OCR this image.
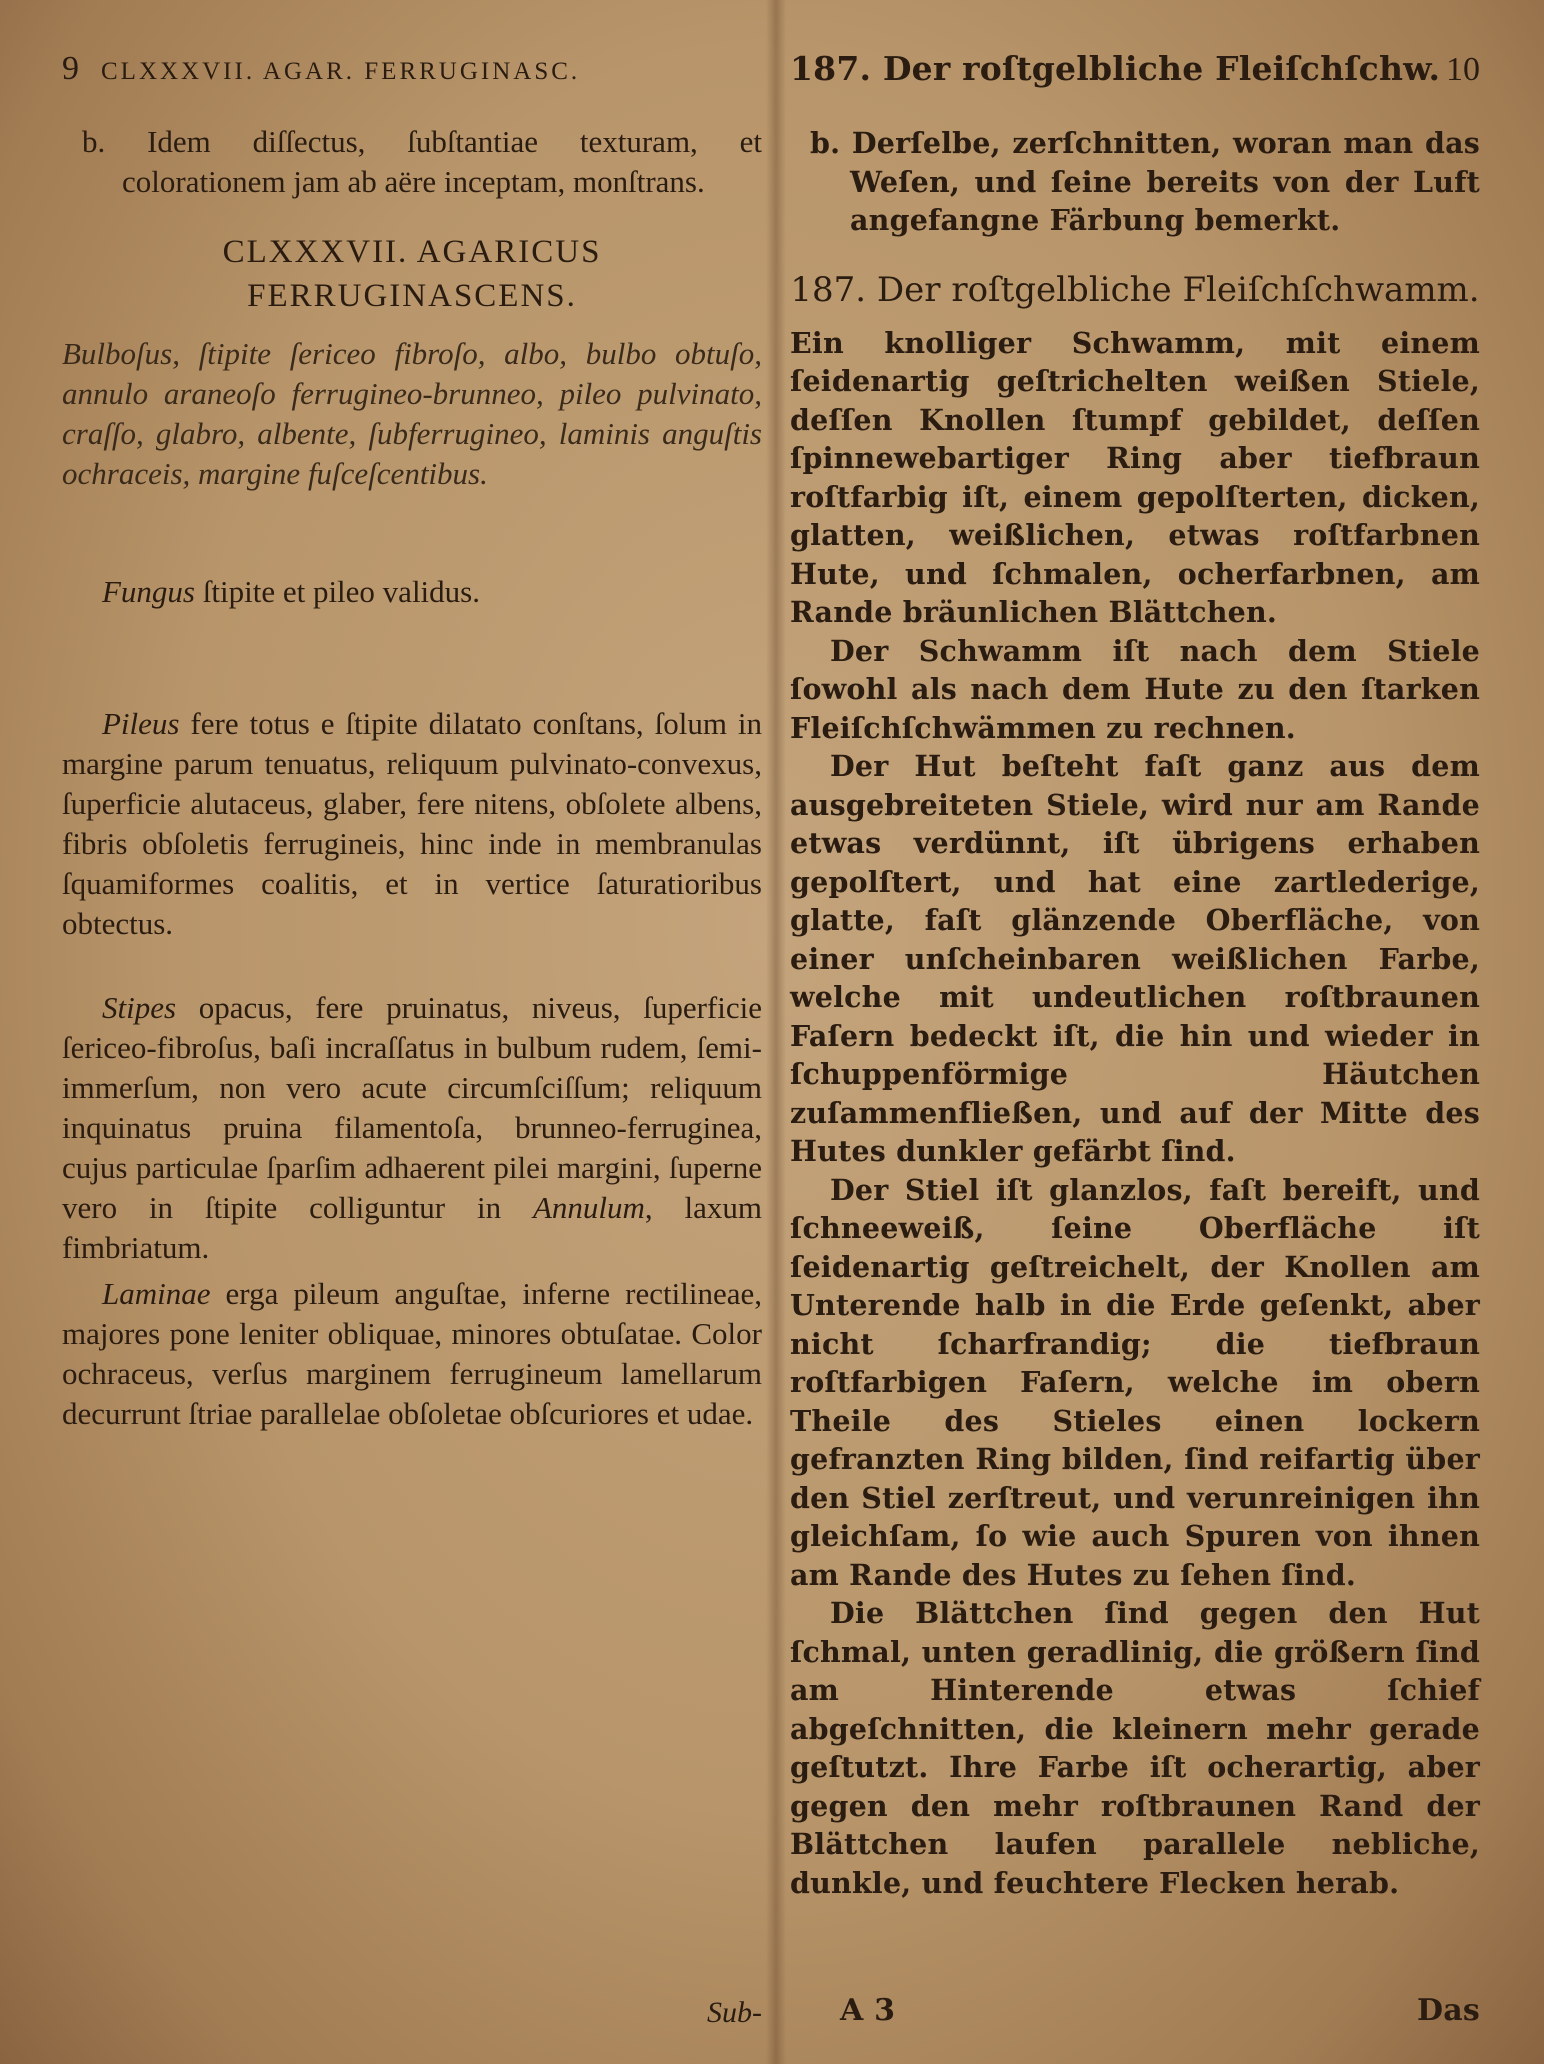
9 CLXXXVII. AGAR. FERRUGINASC.

b. Idem diſſectus, ſubſtantiae texturam, et colorationem jam ab aëre inceptam, monſtrans.

CLXXXVII. AGARICUS FERRUGINASCENS.

Bulboſus, ſtipite ſericeo fibroſo, albo, bulbo obtuſo, annulo araneoſo ferrugineo-brunneo, pileo pulvinato, craſſo, glabro, albente, ſubferrugineo, laminis anguſtis ochraceis, margine fuſceſcentibus.

Fungus ſtipite et pileo validus.

Pileus fere totus e ſtipite dilatato conſtans, ſolum in margine parum tenuatus, reliquum pulvinato-convexus, ſuperficie alutaceus, glaber, fere nitens, obſolete albens, fibris obſoletis ferrugineis, hinc inde in membranulas ſquamiformes coalitis, et in vertice ſaturatioribus obtectus.

Stipes opacus, fere pruinatus, niveus, ſuperficie ſericeo-fibroſus, baſi incraſſatus in bulbum rudem, ſemi-immerſum, non vero acute circumſciſſum; reliquum inquinatus pruina filamentoſa, brunneo-ferruginea, cujus particulae ſparſim adhaerent pilei margini, ſuperne vero in ſtipite colliguntur in Annulum, laxum fimbriatum.

Laminae erga pileum anguſtae, inferne rectilineae, majores pone leniter obliquae, minores obtuſatae. Color ochraceus, verſus marginem ferrugineum lamellarum decurrunt ſtriae parallelae obſoletae obſcuriores et udae.

Sub-
187. Der roſtgelbliche Fleiſchſchw. 10

b. Derſelbe, zerſchnitten, woran man das Weſen, und ſeine bereits von der Luft angefangne Färbung bemerkt.

187. Der roſtgelbliche Fleiſchſchwamm.

Ein knolliger Schwamm, mit einem ſeidenartig geſtrichelten weißen Stiele, deſſen Knollen ſtumpf gebildet, deſſen ſpinnewebartiger Ring aber tiefbraun roſtfarbig iſt, einem gepolſterten, dicken, glatten, weißlichen, etwas roſtfarbnen Hute, und ſchmalen, ocherfarbnen, am Rande bräunlichen Blättchen.

Der Schwamm iſt nach dem Stiele ſowohl als nach dem Hute zu den ſtarken Fleiſchſchwämmen zu rechnen.

Der Hut beſteht faſt ganz aus dem ausgebreiteten Stiele, wird nur am Rande etwas verdünnt, iſt übrigens erhaben gepolſtert, und hat eine zartlederige, glatte, faſt glänzende Oberfläche, von einer unſcheinbaren weißlichen Farbe, welche mit undeutlichen roſtbraunen Faſern bedeckt iſt, die hin und wieder in ſchuppenförmige Häutchen zuſammenfließen, und auf der Mitte des Hutes dunkler gefärbt ſind.

Der Stiel iſt glanzlos, faſt bereift, und ſchneeweiß, ſeine Oberfläche iſt ſeidenartig geſtreichelt, der Knollen am Unterende halb in die Erde geſenkt, aber nicht ſcharfrandig; die tiefbraun roſtfarbigen Faſern, welche im obern Theile des Stieles einen lockern gefranzten Ring bilden, ſind reifartig über den Stiel zerſtreut, und verunreinigen ihn gleichſam, ſo wie auch Spuren von ihnen am Rande des Hutes zu ſehen ſind.

Die Blättchen ſind gegen den Hut ſchmal, unten geradlinig, die größern ſind am Hinterende etwas ſchief abgeſchnitten, die kleinern mehr gerade geſtutzt. Ihre Farbe iſt ocherartig, aber gegen den mehr roſtbraunen Rand der Blättchen laufen parallele nebliche, dunkle, und feuchtere Flecken herab.

A 3	Das
